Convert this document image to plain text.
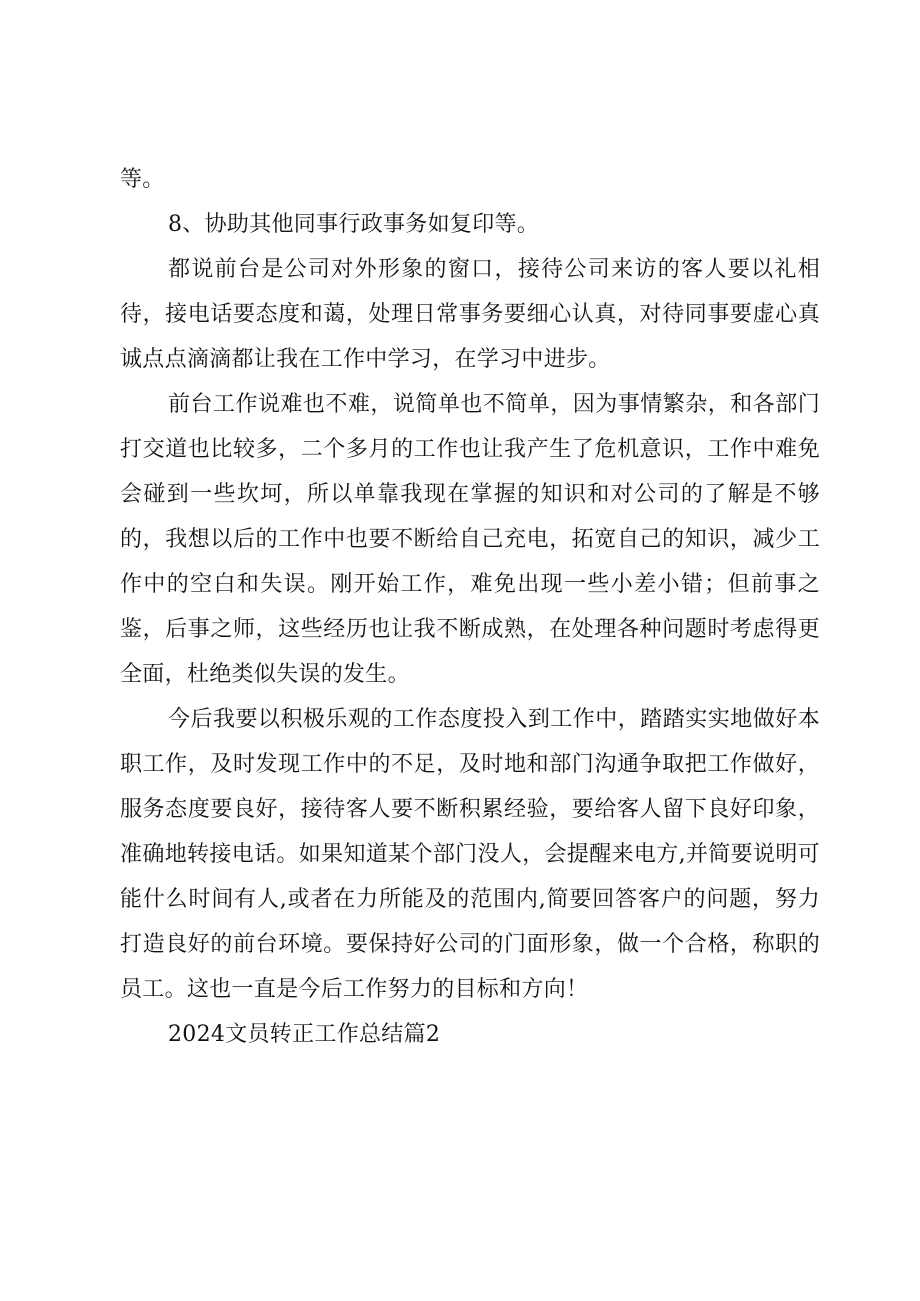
等。

8、协助其他同事行政事务如复印等。

都说前台是公司对外形象的窗口，接待公司来访的客人要以礼相待，接电话要态度和蔼，处理日常事务要细心认真，对待同事要虚心真诚点点滴滴都让我在工作中学习，在学习中进步。

前台工作说难也不难，说简单也不简单，因为事情繁杂，和各部门打交道也比较多，二个多月的工作也让我产生了危机意识，工作中难免会碰到一些坎坷，所以单靠我现在掌握的知识和对公司的了解是不够的，我想以后的工作中也要不断给自己充电，拓宽自己的知识，减少工作中的空白和失误。刚开始工作，难免出现一些小差小错；但前事之鉴，后事之师，这些经历也让我不断成熟，在处理各种问题时考虑得更全面，杜绝类似失误的发生。

今后我要以积极乐观的工作态度投入到工作中，踏踏实实地做好本职工作，及时发现工作中的不足，及时地和部门沟通争取把工作做好，服务态度要良好，接待客人要不断积累经验，要给客人留下良好印象，准确地转接电话。如果知道某个部门没人，会提醒来电方,并简要说明可能什么时间有人,或者在力所能及的范围内,简要回答客户的问题，努力打造良好的前台环境。要保持好公司的门面形象，做一个合格，称职的员工。这也一直是今后工作努力的目标和方向！

2024文员转正工作总结篇2
